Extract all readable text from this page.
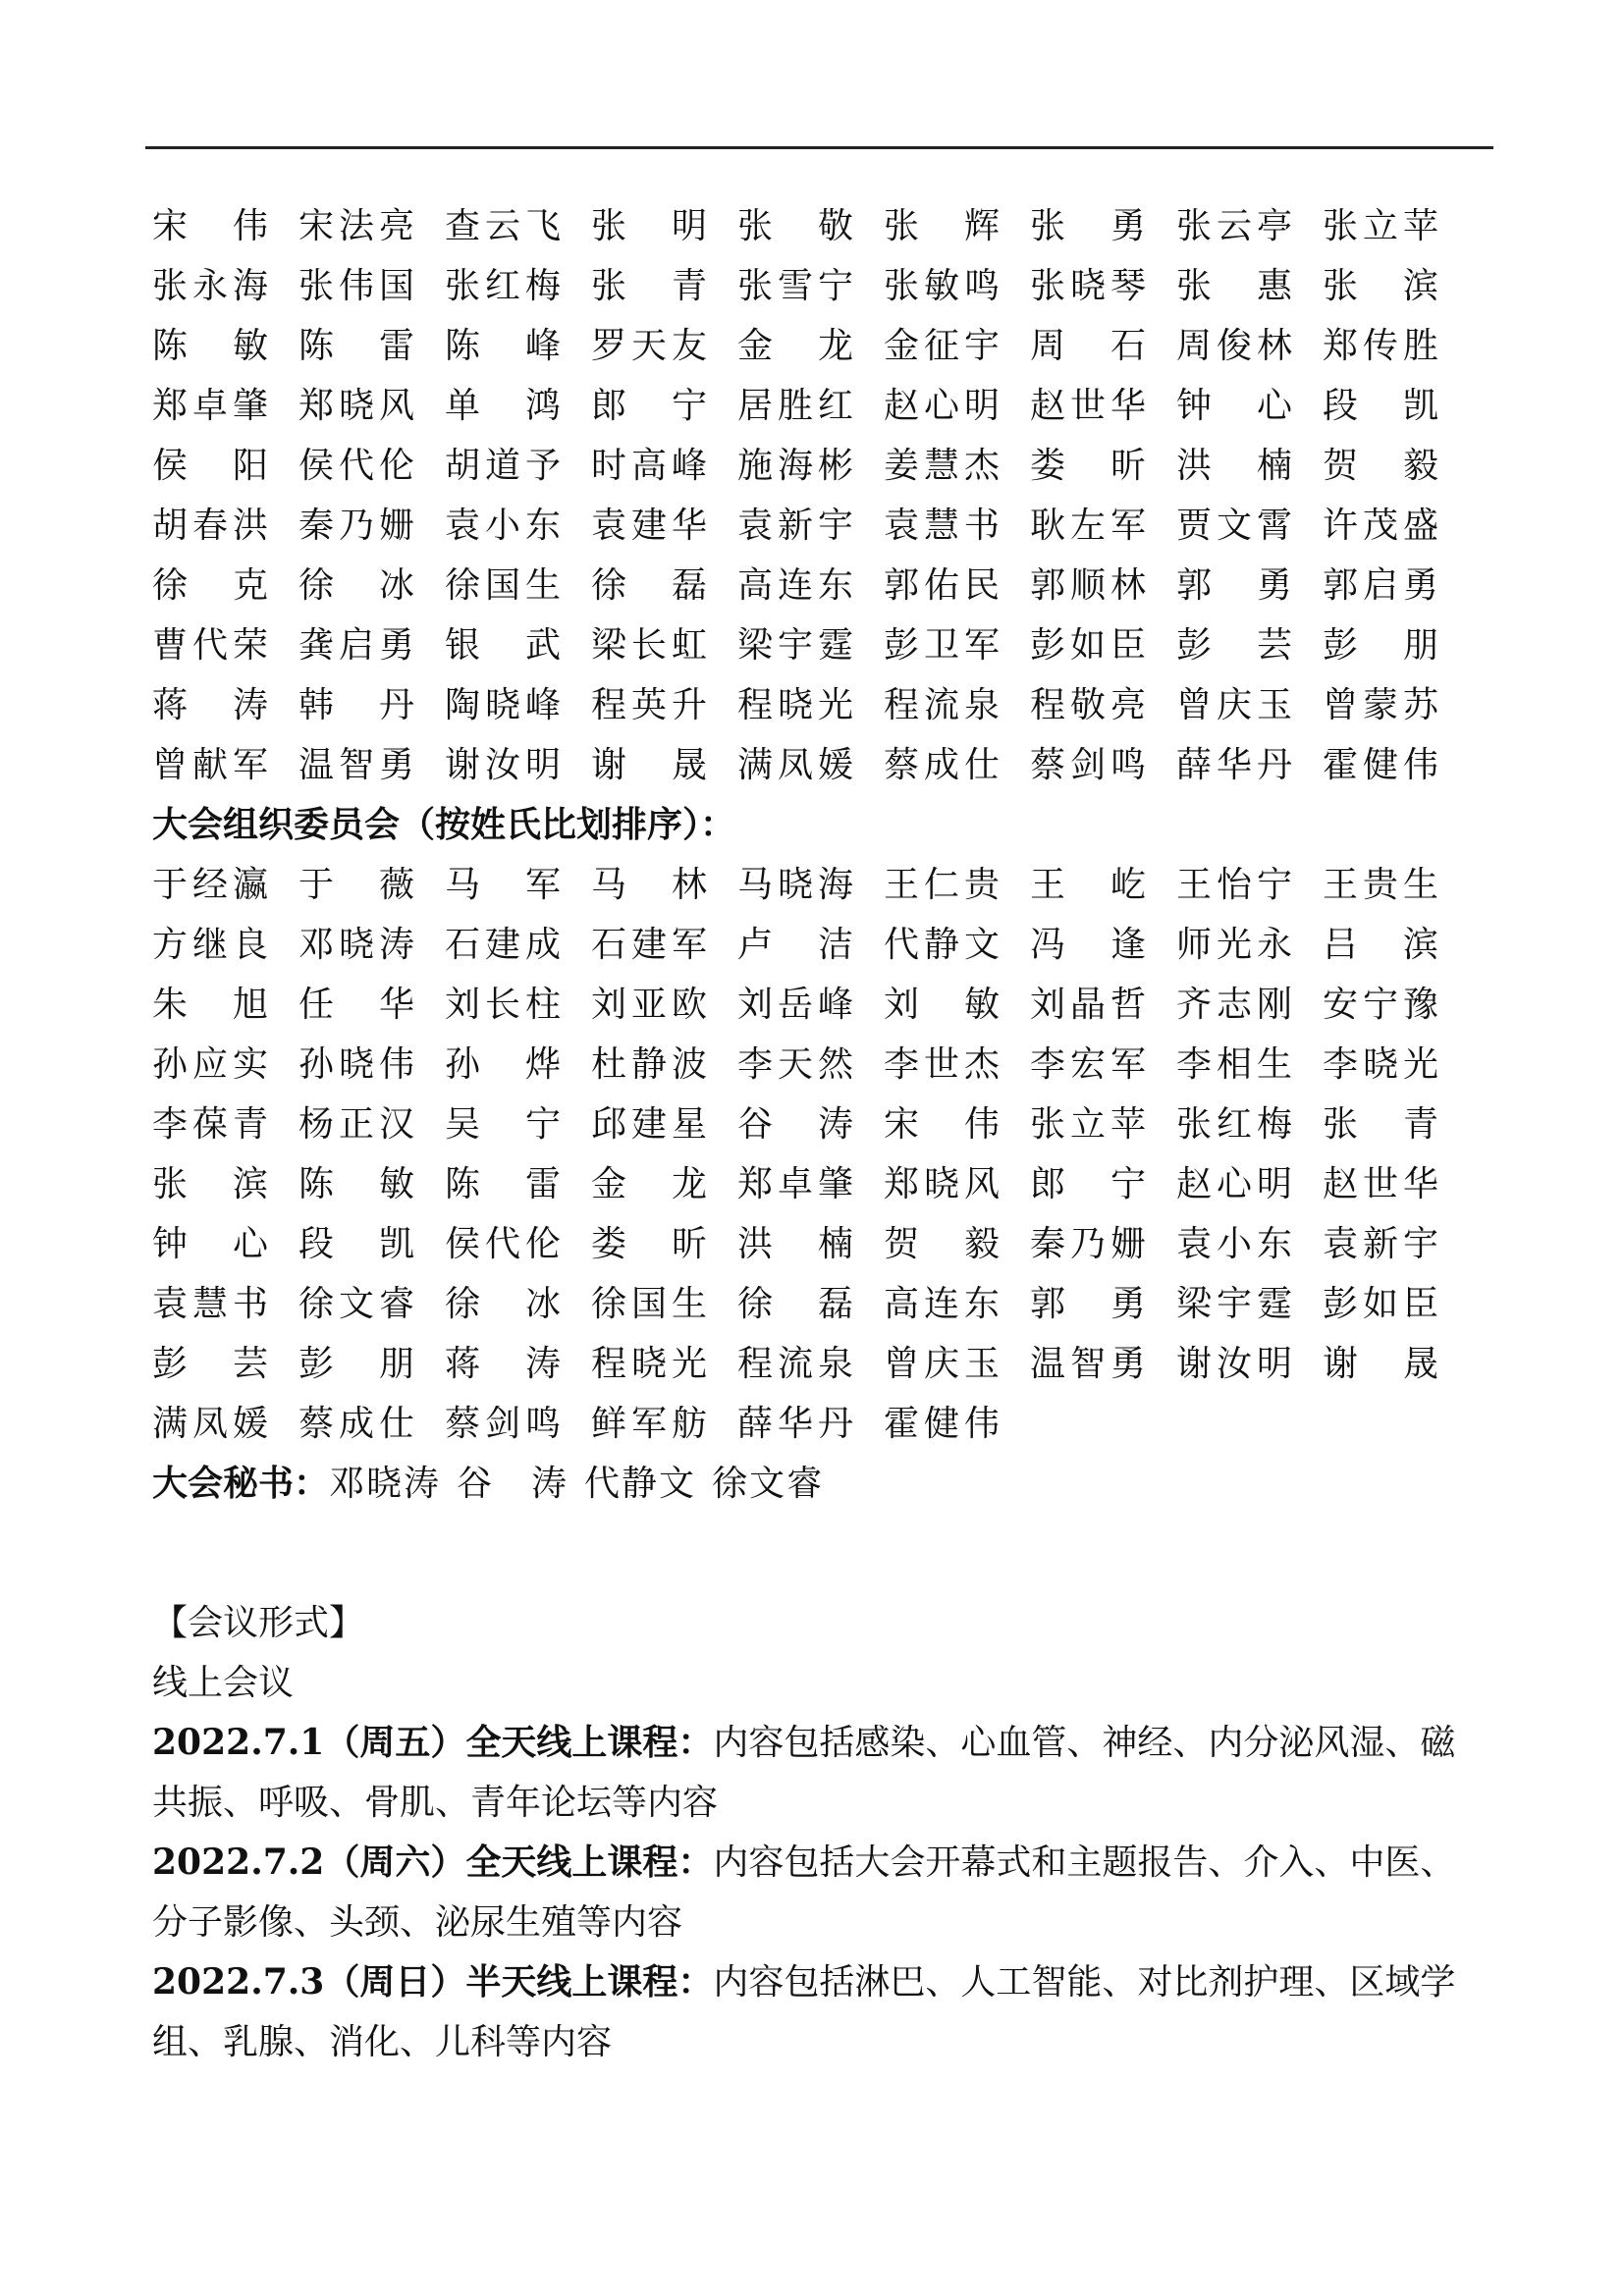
宋　伟 宋法亮 查云飞 张　明 张　敬 张　辉 张　勇 张云亭 张立苹
张永海 张伟国 张红梅 张　青 张雪宁 张敏鸣 张晓琴 张　惠 张　滨
陈　敏 陈　雷 陈　峰 罗天友 金　龙 金征宇 周　石 周俊林 郑传胜
郑卓肇 郑晓风 单　鸿 郎　宁 居胜红 赵心明 赵世华 钟　心 段　凯
侯　阳 侯代伦 胡道予 时高峰 施海彬 姜慧杰 娄　昕 洪　楠 贺　毅
胡春洪 秦乃姗 袁小东 袁建华 袁新宇 袁慧书 耿左军 贾文霄 许茂盛
徐　克 徐　冰 徐国生 徐　磊 高连东 郭佑民 郭顺林 郭　勇 郭启勇
曹代荣 龚启勇 银　武 梁长虹 梁宇霆 彭卫军 彭如臣 彭　芸 彭　朋
蒋　涛 韩　丹 陶晓峰 程英升 程晓光 程流泉 程敬亮 曾庆玉 曾蒙苏
曾献军 温智勇 谢汝明 谢　晟 满凤媛 蔡成仕 蔡剑鸣 薛华丹 霍健伟
大会组织委员会（按姓氏比划排序）：
于经瀛 于　薇 马　军 马　林 马晓海 王仁贵 王　屹 王怡宁 王贵生
方继良 邓晓涛 石建成 石建军 卢　洁 代静文 冯　逢 师光永 吕　滨
朱　旭 任　华 刘长柱 刘亚欧 刘岳峰 刘　敏 刘晶哲 齐志刚 安宁豫
孙应实 孙晓伟 孙　烨 杜静波 李天然 李世杰 李宏军 李相生 李晓光
李葆青 杨正汉 吴　宁 邱建星 谷　涛 宋　伟 张立苹 张红梅 张　青
张　滨 陈　敏 陈　雷 金　龙 郑卓肇 郑晓风 郎　宁 赵心明 赵世华
钟　心 段　凯 侯代伦 娄　昕 洪　楠 贺　毅 秦乃姗 袁小东 袁新宇
袁慧书 徐文睿 徐　冰 徐国生 徐　磊 高连东 郭　勇 梁宇霆 彭如臣
彭　芸 彭　朋 蒋　涛 程晓光 程流泉 曾庆玉 温智勇 谢汝明 谢　晟
满凤媛 蔡成仕 蔡剑鸣 鲜军舫 薛华丹 霍健伟
大会秘书：邓晓涛 谷　涛 代静文 徐文睿
【会议形式】
线上会议
2022.7.1（周五）全天线上课程：内容包括感染、心血管、神经、内分泌风湿、磁共振、呼吸、骨肌、青年论坛等内容
2022.7.2（周六）全天线上课程：内容包括大会开幕式和主题报告、介入、中医、分子影像、头颈、泌尿生殖等内容
2022.7.3（周日）半天线上课程：内容包括淋巴、人工智能、对比剂护理、区域学组、乳腺、消化、儿科等内容
